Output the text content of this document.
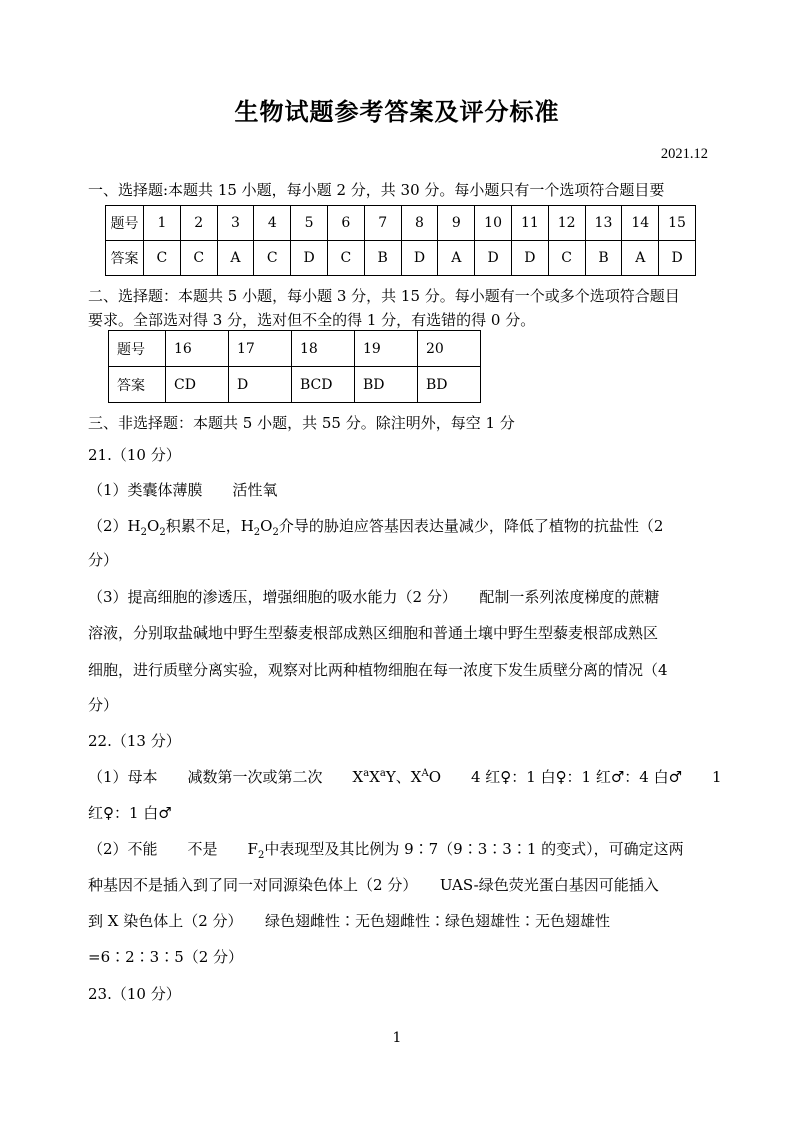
生物试题参考答案及评分标准
2021.12
一、选择题:本题共 15 小题，每小题 2 分，共 30 分。每小题只有一个选项符合题目要
题号	1	2	3	4	5	6	7	8	9	10	11	12	13	14	15
答案	C	C	A	C	D	C	B	D	A	D	D	C	B	A	D
二、选择题：本题共 5 小题，每小题 3 分，共 15 分。每小题有一个或多个选项符合题目
要求。全部选对得 3 分，选对但不全的得 1 分，有选错的得 0 分。
题号	16	17	18	19	20
答案	CD	D	BCD	BD	BD
三、非选择题：本题共 5 小题，共 55 分。除注明外，每空 1 分
21.（10 分）
（1）类囊体薄膜　　活性氧
$(2)H_2O_2$积累不足，$H_2O_2$介导的胁迫应答基因表达量减少，降低了植物的抗盐性（2
分）
（3）提高细胞的渗透压，增强细胞的吸水能力（2 分）　　配制一系列浓度梯度的蔗糖
溶液，分别取盐碱地中野生型藜麦根部成熟区细胞和普通土壤中野生型藜麦根部成熟区
细胞，进行质壁分离实验，观察对比两种植物细胞在每一浓度下发生质壁分离的情况（4
分）
22.（13 分）
（1）母本　　减数第一次或第二次　　$X^aX^aY$、$X^AO$　　4 红♀：1 白♀：1 红♂：4 白♂　　1
红♀：1 白♂
（2）不能　　不是　　$F_2$中表现型及其比例为 9∶7（9∶3∶3∶1 的变式），可确定这两
种基因不是插入到了同一对同源染色体上（2 分）　　UAS-绿色荧光蛋白基因可能插入
到 X 染色体上（2 分）　　绿色翅雌性∶无色翅雌性∶绿色翅雄性∶无色翅雄性
=6∶2∶3∶5（2 分）
23.（10 分）
1
